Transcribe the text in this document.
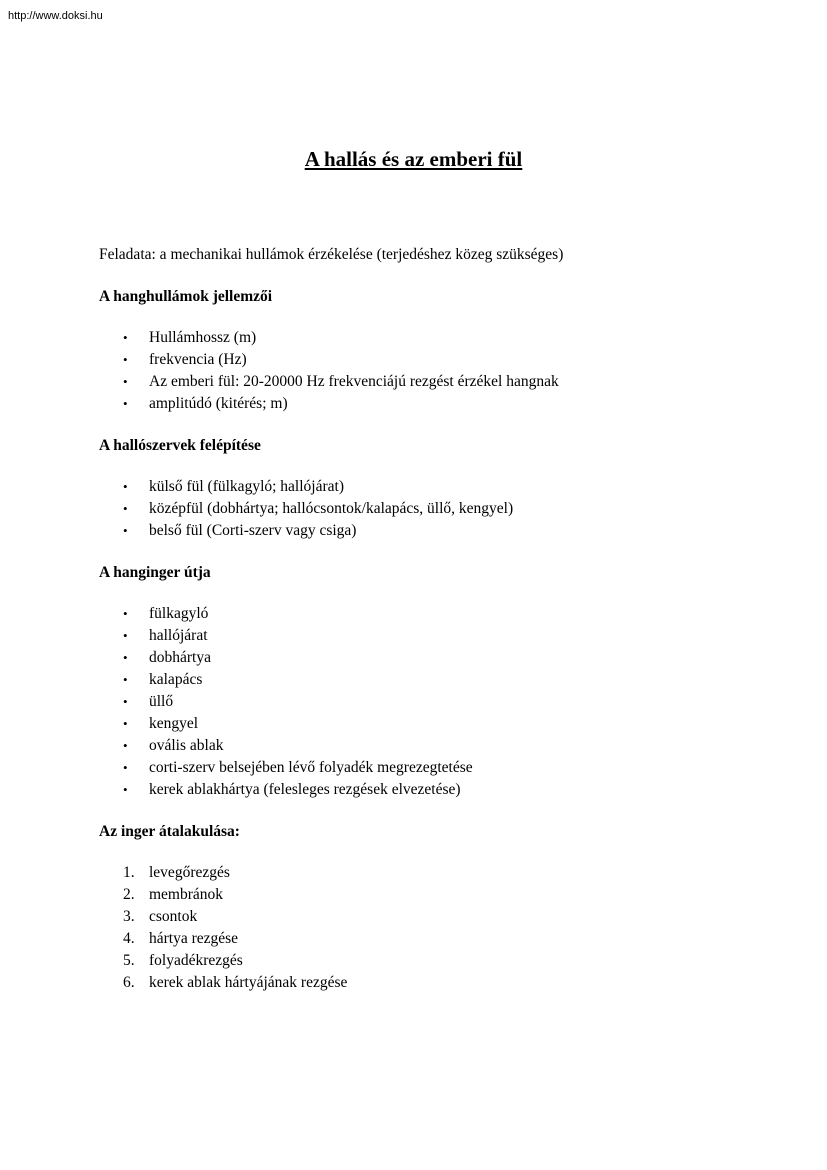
http://www.doksi.hu
A hallás és az emberi fül

Feladata: a mechanikai hullámok érzékelése (terjedéshez közeg szükséges)

A hanghullámok jellemzői

• Hullámhossz (m)
• frekvencia (Hz)
• Az emberi fül: 20-20000 Hz frekvenciájú rezgést érzékel hangnak
• amplitúdó (kitérés; m)

A hallószervek felépítése

• külső fül (fülkagyló; hallójárat)
• középfül (dobhártya; hallócsontok/kalapács, üllő, kengyel)
• belső fül (Corti-szerv vagy csiga)

A hanginger útja

• fülkagyló
• hallójárat
• dobhártya
• kalapács
• üllő
• kengyel
• ovális ablak
• corti-szerv belsejében lévő folyadék megrezegtetése
• kerek ablakhártya (felesleges rezgések elvezetése)

Az inger átalakulása:

1. levegőrezgés
2. membránok
3. csontok
4. hártya rezgése
5. folyadékrezgés
6. kerek ablak hártyájának rezgése
